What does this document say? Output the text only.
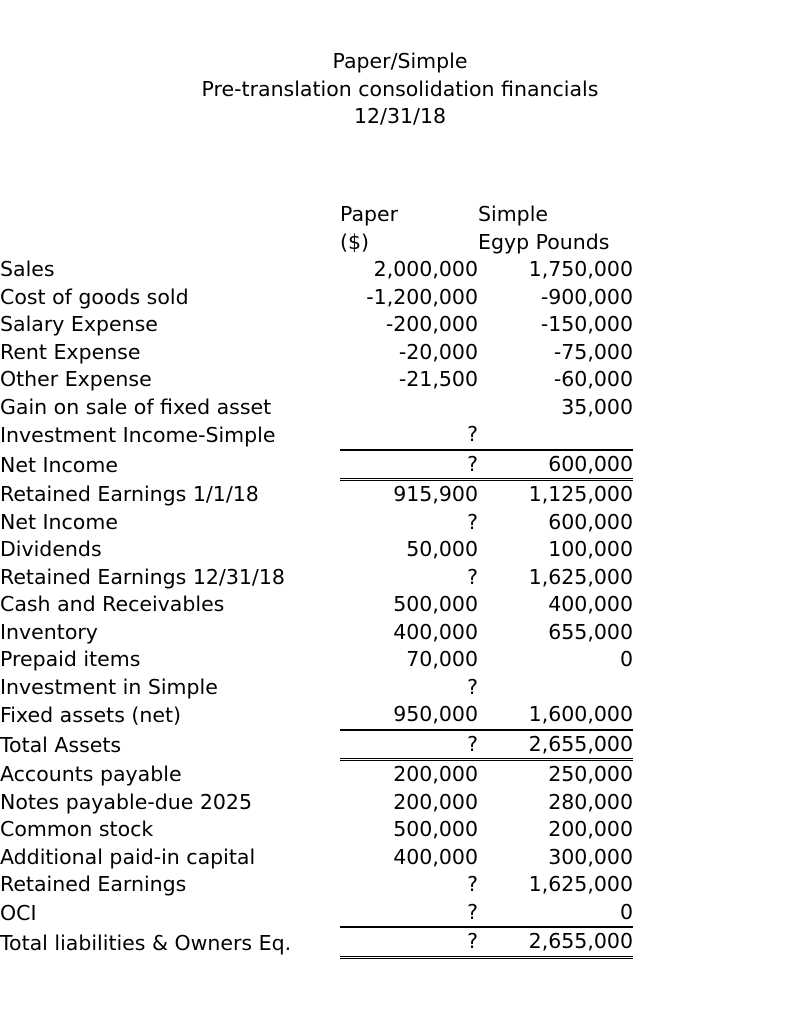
Paper/Simple
Pre-translation consolidation financials
12/31/18
	Paper	Simple	
	($)	Egyp Pounds	
Sales	2,000,000	1,750,000	
Cost of goods sold	-1,200,000	-900,000	
Salary Expense	-200,000	-150,000	
Rent Expense	-20,000	-75,000	
Other Expense	-21,500	-60,000	
Gain on sale of fixed asset		35,000	
Investment Income-Simple	?		
Net Income	?	600,000	
Retained Earnings 1/1/18	915,900	1,125,000	
Net Income	?	600,000	
Dividends	50,000	100,000	
Retained Earnings 12/31/18	?	1,625,000	
Cash and Receivables	500,000	400,000	
Inventory	400,000	655,000	
Prepaid items	70,000	0	
Investment in Simple	?		
Fixed assets (net)	950,000	1,600,000	
Total Assets	?	2,655,000	
Accounts payable	200,000	250,000	
Notes payable-due 2025	200,000	280,000	
Common stock	500,000	200,000	
Additional paid-in capital	400,000	300,000	
Retained Earnings	?	1,625,000	
OCI	?	0	
Total liabilities & Owners Eq.	?	2,655,000	
